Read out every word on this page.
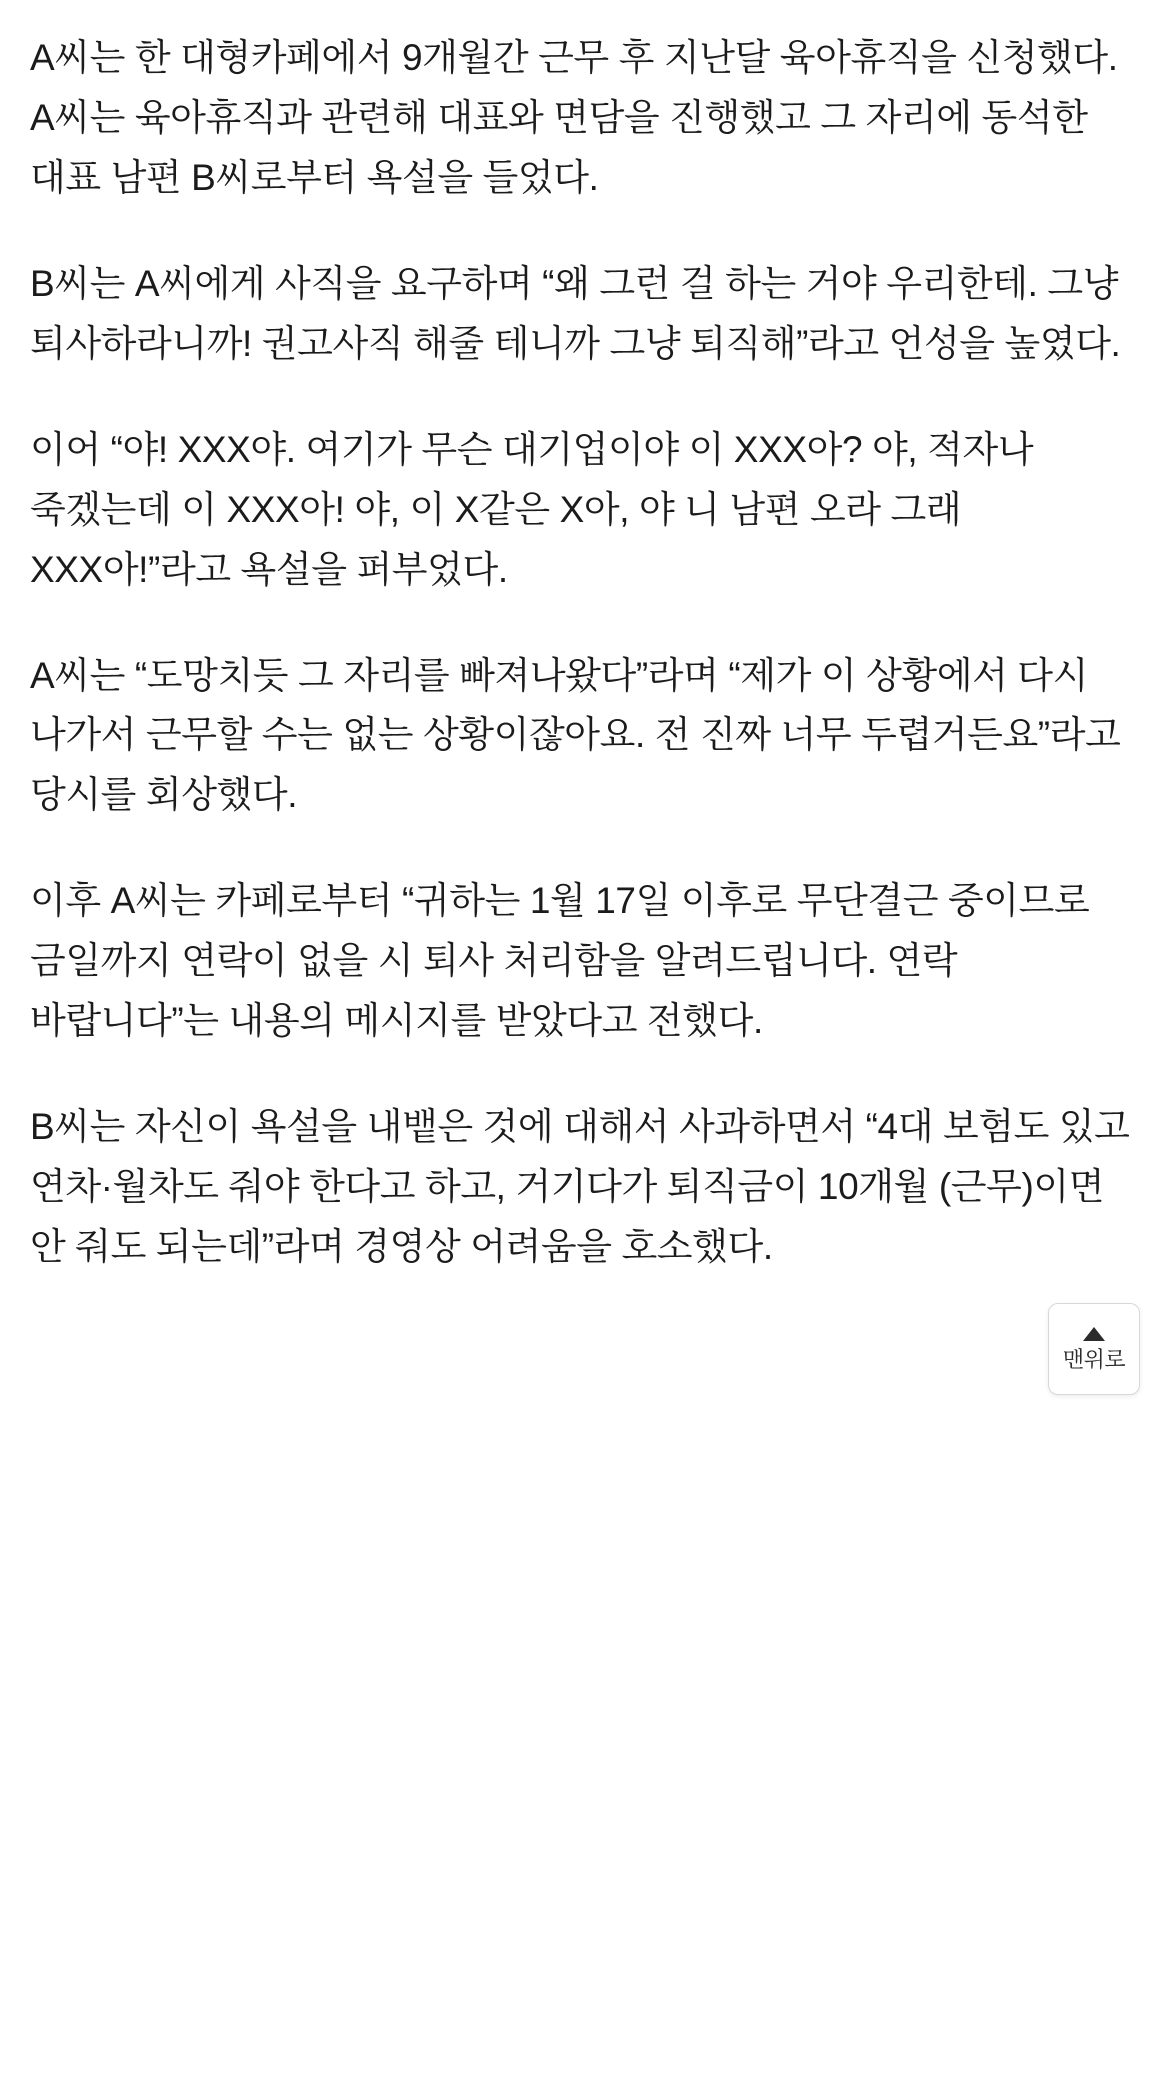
A씨는 한 대형카페에서 9개월간 근무 후 지난달 육아휴직을 신청했다. A씨는 육아휴직과 관련해 대표와 면담을 진행했고 그 자리에 동석한 대표 남편 B씨로부터 욕설을 들었다.

B씨는 A씨에게 사직을 요구하며 “왜 그런 걸 하는 거야 우리한테. 그냥 퇴사하라니까! 권고사직 해줄 테니까 그냥 퇴직해”라고 언성을 높였다.

이어 “야! XXX야. 여기가 무슨 대기업이야 이 XXX아? 야, 적자나 죽겠는데 이 XXX아! 야, 이 X같은 X아, 야 니 남편 오라 그래 XXX아!”라고 욕설을 퍼부었다.

A씨는 “도망치듯 그 자리를 빠져나왔다”라며 “제가 이 상황에서 다시 나가서 근무할 수는 없는 상황이잖아요. 전 진짜 너무 두렵거든요”라고 당시를 회상했다.

이후 A씨는 카페로부터 “귀하는 1월 17일 이후로 무단결근 중이므로 금일까지 연락이 없을 시 퇴사 처리함을 알려드립니다. 연락 바랍니다”는 내용의 메시지를 받았다고 전했다.

B씨는 자신이 욕설을 내뱉은 것에 대해서 사과하면서 “4대 보험도 있고 연차·월차도 줘야 한다고 하고, 거기다가 퇴직금이 10개월 (근무)이면 안 줘도 되는데”라며 경영상 어려움을 호소했다.

맨위로
